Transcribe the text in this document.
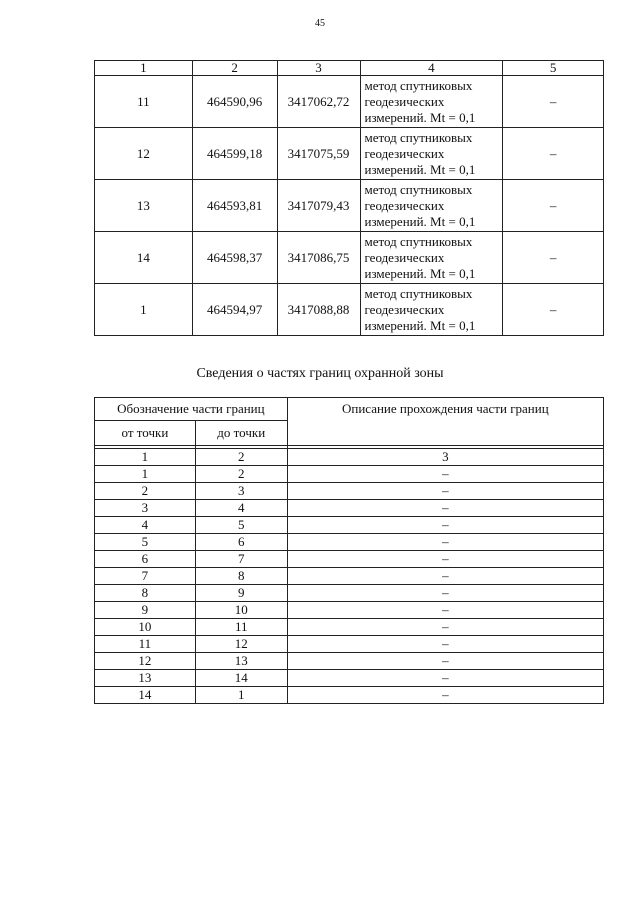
45
1	2	3	4	5
11	464590,96	3417062,72	метод спутниковых
геодезических
измерений. Mt = 0,1	–
12	464599,18	3417075,59	метод спутниковых
геодезических
измерений. Mt = 0,1	–
13	464593,81	3417079,43	метод спутниковых
геодезических
измерений. Mt = 0,1	–
14	464598,37	3417086,75	метод спутниковых
геодезических
измерений. Mt = 0,1	–
1	464594,97	3417088,88	метод спутниковых
геодезических
измерений. Mt = 0,1	–
Сведения о частях границ охранной зоны
Обозначение части границ		Описание прохождения части границ
от точки	до точки	

1	2	3
1	2	–
2	3	–
3	4	–
4	5	–
5	6	–
6	7	–
7	8	–
8	9	–
9	10	–
10	11	–
11	12	–
12	13	–
13	14	–
14	1	–
